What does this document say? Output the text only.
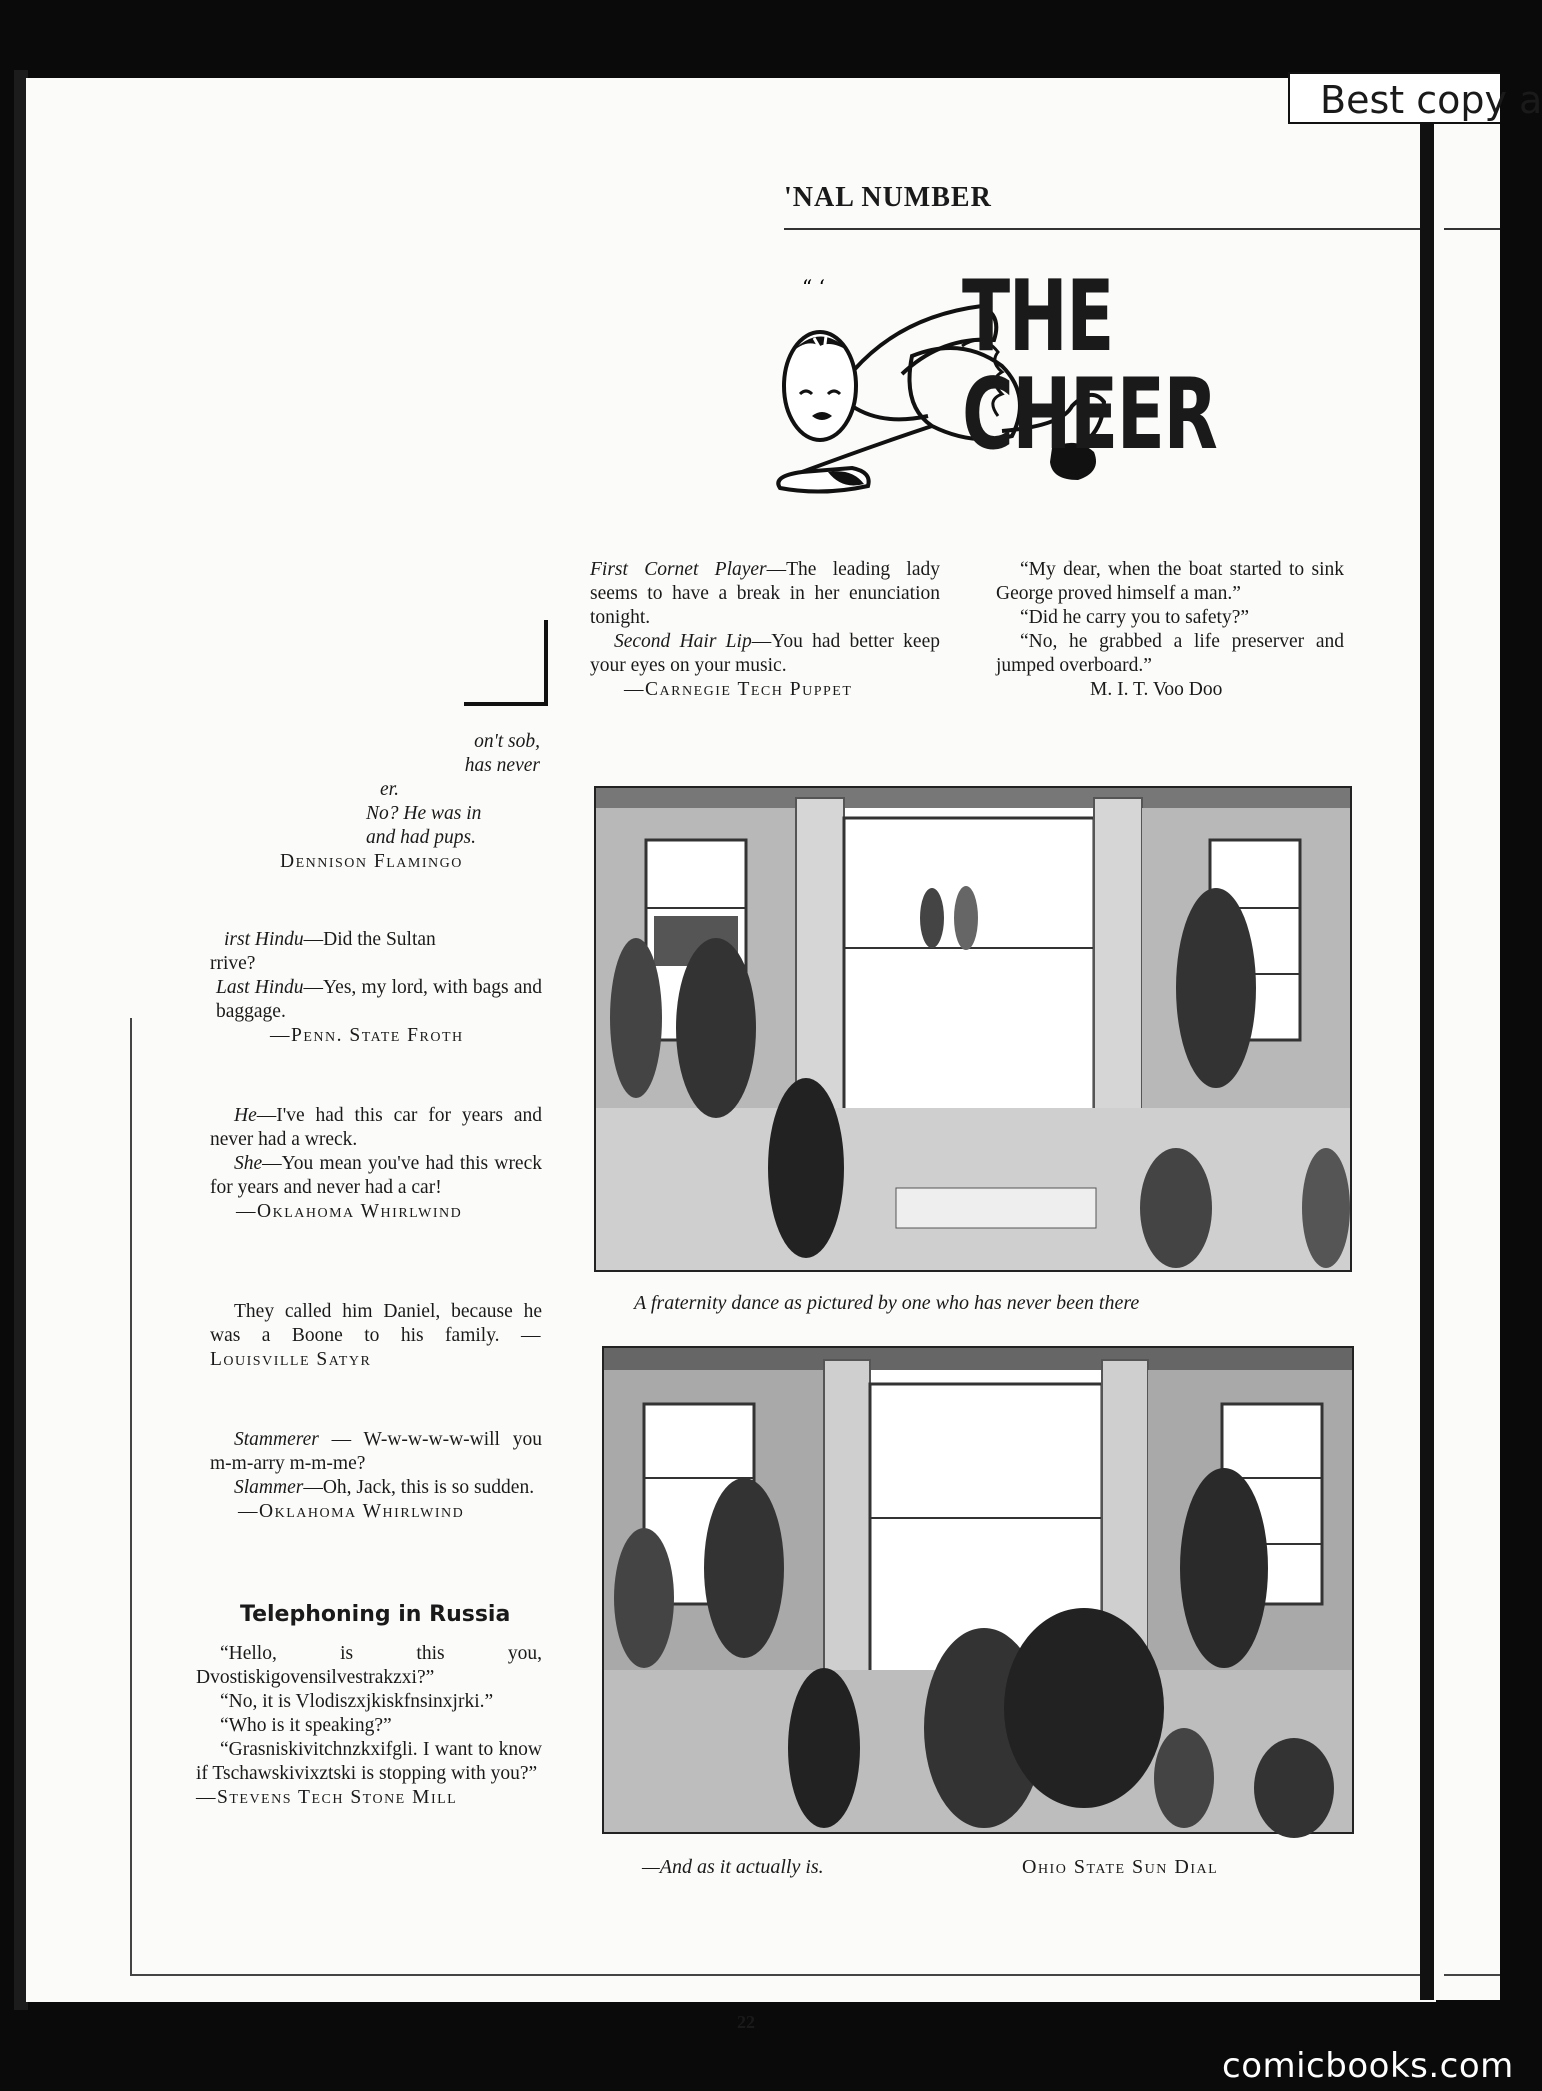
Best copy a
'NAL NUMBER
“ ‘ THE CHEER

First Cornet Player—The leading lady seems to have a break in her enunciation tonight.

Second Hair Lip—You had better keep your eyes on your music.

—Carnegie Tech Puppet

“My dear, when the boat started to sink George proved himself a man.”

“Did he carry you to safety?”

“No, he grabbed a life preserver and jumped overboard.”

M. I. T. Voo Doo

on't sob,

has never

er.

No? He was in

and had pups.

Dennison Flamingo

irst Hindu—Did the Sultan

rrive?

Last Hindu—Yes, my lord, with bags and baggage.

—Penn. State Froth

He—I've had this car for years and never had a wreck.

She—You mean you've had this wreck for years and never had a car!

—Oklahoma Whirlwind

They called him Daniel, because he was a Boone to his family. —Louisville Satyr

Stammerer — W-w-w-w-w-will you m-m-arry m-m-me?

Slammer—Oh, Jack, this is so sudden.

—Oklahoma Whirlwind

Telephoning in Russia

“Hello, is this you, Dvostiskigovensilvestrakzxi?”

“No, it is Vlodiszxjkiskfnsinxjrki.”

“Who is it speaking?”

“Grasniskivitchnzkxifgli. I want to know if Tschawskivixztski is stopping with you?”

—Stevens Tech Stone Mill

A fraternity dance as pictured by one who has never been there
—And as it actually is.	Ohio State Sun Dial
22
comicbooks.com
